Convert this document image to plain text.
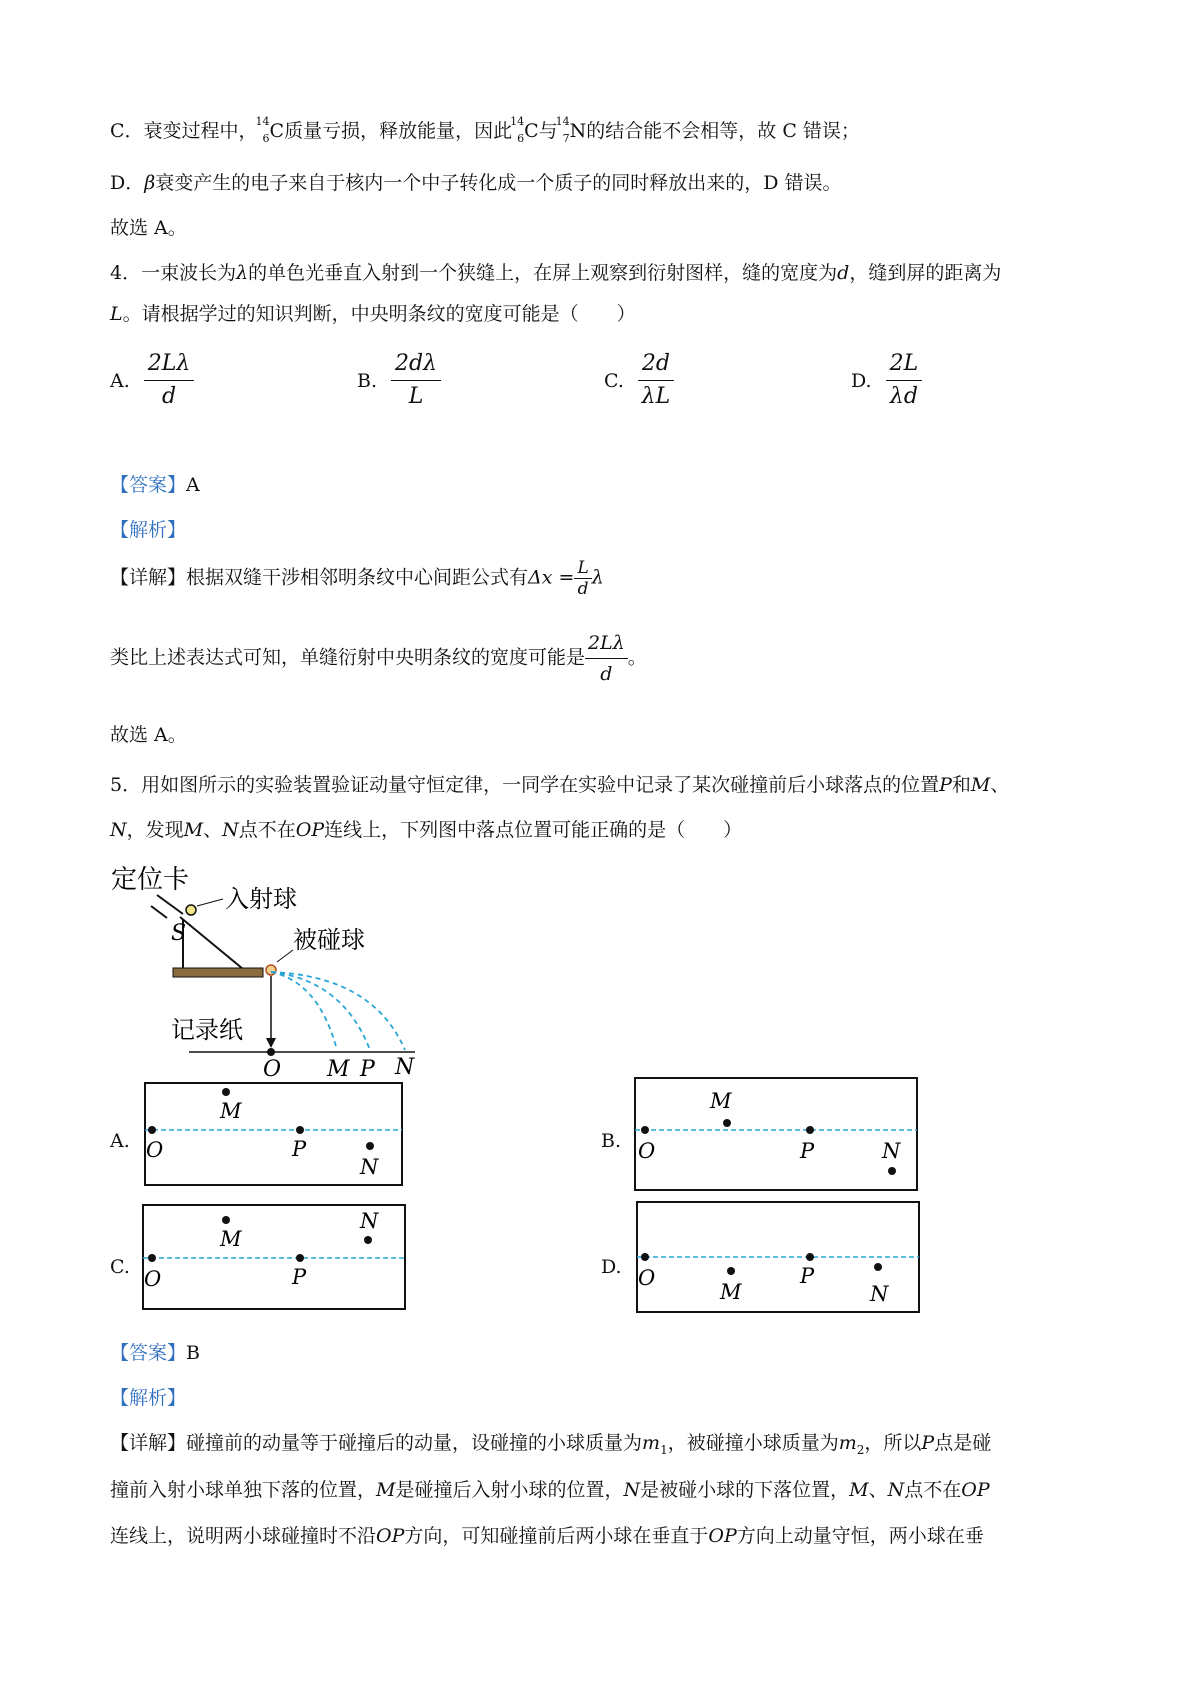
C．衰变过程中，
14
6 C质量亏损，释放能量，因此
14
6 C与
14
7 N的结合能不会相等，故 C 错误；
D．β衰变产生的电子来自于核内一个中子转化成一个质子的同时释放出来的，D 错误。
故选 A。
4．一束波长为λ的单色光垂直入射到一个狭缝上，在屏上观察到衍射图样，缝的宽度为d，缝到屏的距离为
L。请根据学过的知识判断，中央明条纹的宽度可能是（　　）
A. $\frac{2L\lambda}{d}$	B. $\frac{2d\lambda}{L}$	C. $\frac{2d}{\lambda L}$	D. $\frac{2L}{\lambda d}$
【答案】A
【解析】
【详解】根据双缝干涉相邻明条纹中心间距公式有$\Delta x = \frac{L}{d}$ λ
类比上述表达式可知，单缝衍射中央明条纹的宽度可能是 $\frac{2L\lambda}{d}$ 。
故选 A。
5．用如图所示的实验装置验证动量守恒定律，一同学在实验中记录了某次碰撞前后小球落点的位置P和M、
N，发现M、N点不在OP连线上，下列图中落点位置可能正确的是（　　）
定位卡
入射球
S	被碰球
记录纸
O M P N
A. O
M
P
N
B. O
M
P	N
C. O
M
P
N
D. O
M
P
N
【答案】B
【解析】
【详解】碰撞前的动量等于碰撞后的动量，设碰撞的小球质量为$m_1$，被碰撞小球质量为$m_2$，所以P点是碰
撞前入射小球单独下落的位置，M是碰撞后入射小球的位置，N是被碰小球的下落位置，M、N点不在OP
连线上，说明两小球碰撞时不沿OP方向，可知碰撞前后两小球在垂直于OP方向上动量守恒，两小球在垂
